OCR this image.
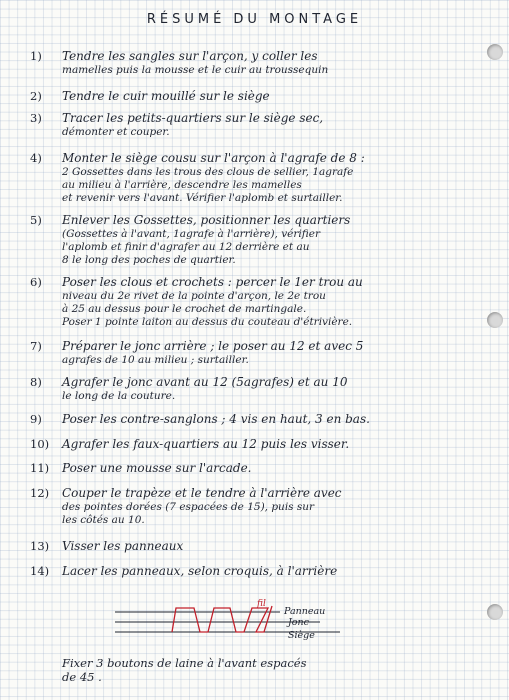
RÉSUMÉ DU MONTAGE
1) Tendre les sangles sur l'arçon, y coller les
mamelles puis la mousse et le cuir au troussequin
2) Tendre le cuir mouillé sur le siège
3) Tracer les petits-quartiers sur le siège sec,
démonter et couper.
4) Monter le siège cousu sur l'arçon à l'agrafe de 8 :
2 Gossettes dans les trous des clous de sellier, 1agrafe
au milieu à l'arrière, descendre les mamelles
et revenir vers l'avant. Vérifier l'aplomb et surtailler.
5) Enlever les Gossettes, positionner les quartiers
(Gossettes à l'avant, 1agrafe à l'arrière), vérifier
l'aplomb et finir d'agrafer au 12 derrière et au
8 le long des poches de quartier.
6) Poser les clous et crochets : percer le 1er trou au
niveau du 2e rivet de la pointe d'arçon, le 2e trou
à 25 au dessus pour le crochet de martingale.
Poser 1 pointe laiton au dessus du couteau d'étrivière.
7) Préparer le jonc arrière ; le poser au 12 et avec 5
agrafes de 10 au milieu ; surtailler.
8) Agrafer le jonc avant au 12 (5agrafes) et au 10
le long de la couture.
9) Poser les contre-sanglons ; 4 vis en haut, 3 en bas.
10) Agrafer les faux-quartiers au 12 puis les visser.
11) Poser une mousse sur l'arcade.
12) Couper le trapèze et le tendre à l'arrière avec
des pointes dorées (7 espacées de 15), puis sur
les côtés au 10.
13) Visser les panneaux
14) Lacer les panneaux, selon croquis, à l'arrière
fil
Panneau
Jonc
Siège
Fixer 3 boutons de laine à l'avant espacés
de 45 .
